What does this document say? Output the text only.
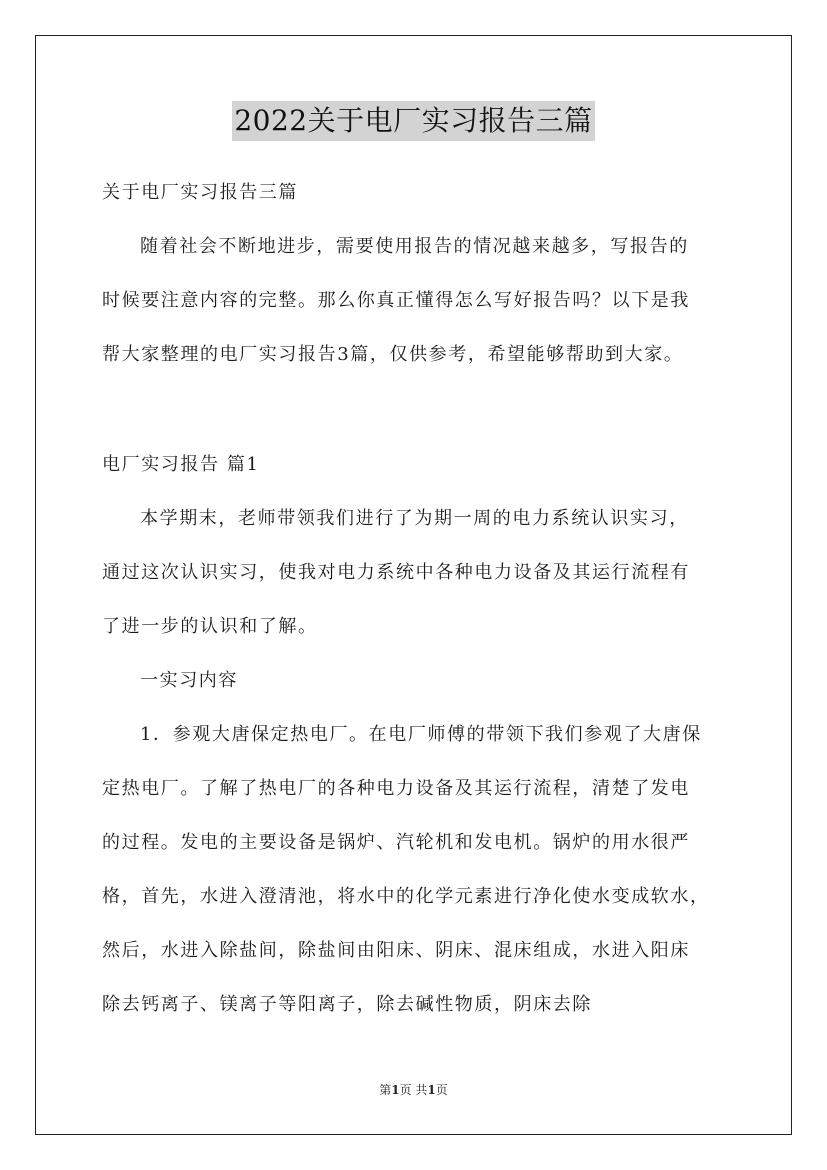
2022关于电厂实习报告三篇
关于电厂实习报告三篇
随着社会不断地进步，需要使用报告的情况越来越多，写报告的
时候要注意内容的完整。那么你真正懂得怎么写好报告吗？以下是我
帮大家整理的电厂实习报告3篇，仅供参考，希望能够帮助到大家。
电厂实习报告 篇1
本学期末，老师带领我们进行了为期一周的电力系统认识实习，
通过这次认识实习，使我对电力系统中各种电力设备及其运行流程有
了进一步的认识和了解。
一实习内容
1．参观大唐保定热电厂。在电厂师傅的带领下我们参观了大唐保
定热电厂。了解了热电厂的各种电力设备及其运行流程，清楚了发电
的过程。发电的主要设备是锅炉、汽轮机和发电机。锅炉的用水很严
格，首先，水进入澄清池，将水中的化学元素进行净化使水变成软水，
然后，水进入除盐间，除盐间由阳床、阴床、混床组成，水进入阳床
除去钙离子、镁离子等阳离子，除去碱性物质，阴床去除
第1页 共1页
